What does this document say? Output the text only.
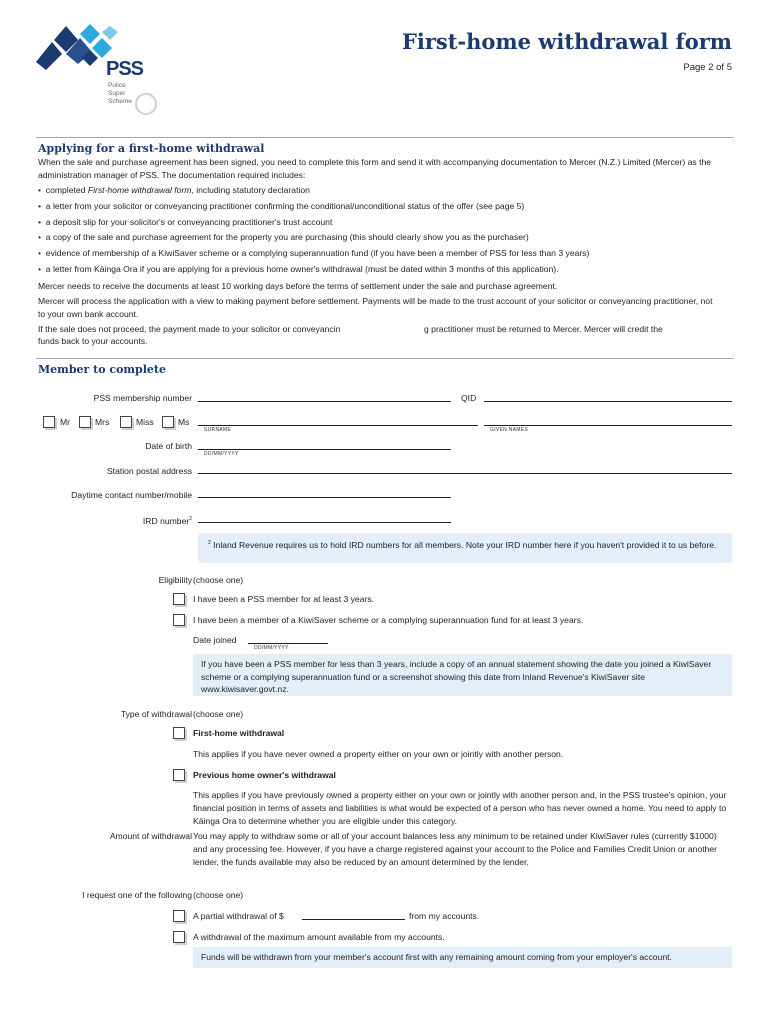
PSS
Police
Super
Scheme
First-home withdrawal form
Page 2 of 5
Applying for a first-home withdrawal
When the sale and purchase agreement has been signed, you need to complete this form and send it with accompanying documentation to Mercer (N.Z.) Limited (Mercer) as the administration manager of PSS. The documentation required includes:
•  completed First-home withdrawal form, including statutory declaration
•  a letter from your solicitor or conveyancing practitioner confirming the conditional/unconditional status of the offer (see page 5)
•  a deposit slip for your solicitor's or conveyancing practitioner's trust account
•  a copy of the sale and purchase agreement for the property you are purchasing (this should clearly show you as the purchaser)
•  evidence of membership of a KiwiSaver scheme or a complying superannuation fund (if you have been a member of PSS for less than 3 years)
•  a letter from Kāinga Ora if you are applying for a previous home owner's withdrawal (must be dated within 3 months of this application).
Mercer needs to receive the documents at least 10 working days before the terms of settlement under the sale and purchase agreement.
Mercer will process the application with a view to making payment before settlement. Payments will be made to the trust account of your solicitor or conveyancing practitioner, not to your own bank account.
If the sale does not proceed, the payment made to your solicitor or conveyancin	g practitioner must be returned to Mercer. Mercer will credit the
funds back to your accounts.
Member to complete
PSS membership number	QID
Mr	Mrs	Miss	Ms
SURNAME	GIVEN NAMES
Date of birth
DD/MM/YYYY
Station postal address
Daytime contact number/mobile
IRD number$^2$
$^2$ Inland Revenue requires us to hold IRD numbers for all members. Note your IRD number here if you haven't provided it to us before.
Eligibility (choose one)
I have been a PSS member for at least 3 years.
I have been a member of a KiwiSaver scheme or a complying superannuation fund for at least 3 years.
Date joined
DD/MM/YYYY
If you have been a PSS member for less than 3 years, include a copy of an annual statement showing the date you joined a KiwiSaver scheme or a complying superannuation fund or a screenshot showing this date from Inland Revenue's KiwiSaver site www.kiwisaver.govt.nz.
Type of withdrawal (choose one)
First-home withdrawal
This applies if you have never owned a property either on your own or jointly with another person.
Previous home owner's withdrawal
This applies if you have previously owned a property either on your own or jointly with another person and, in the PSS trustee's opinion, your financial position in terms of assets and liabilities is what would be expected of a person who has never owned a home. You need to apply to Kāinga Ora to determine whether you are eligible under this category.
Amount of withdrawal You may apply to withdraw some or all of your account balances less any minimum to be retained under KiwiSaver rules (currently $1000) and any processing fee. However, if you have a charge registered against your account to the Police and Families Credit Union or another lender, the funds available may also be reduced by an amount determined by the lender.
I request one of the following (choose one)
A partial withdrawal of $	from my accounts.
A withdrawal of the maximum amount available from my accounts.
Funds will be withdrawn from your member's account first with any remaining amount coming from your employer's account.
